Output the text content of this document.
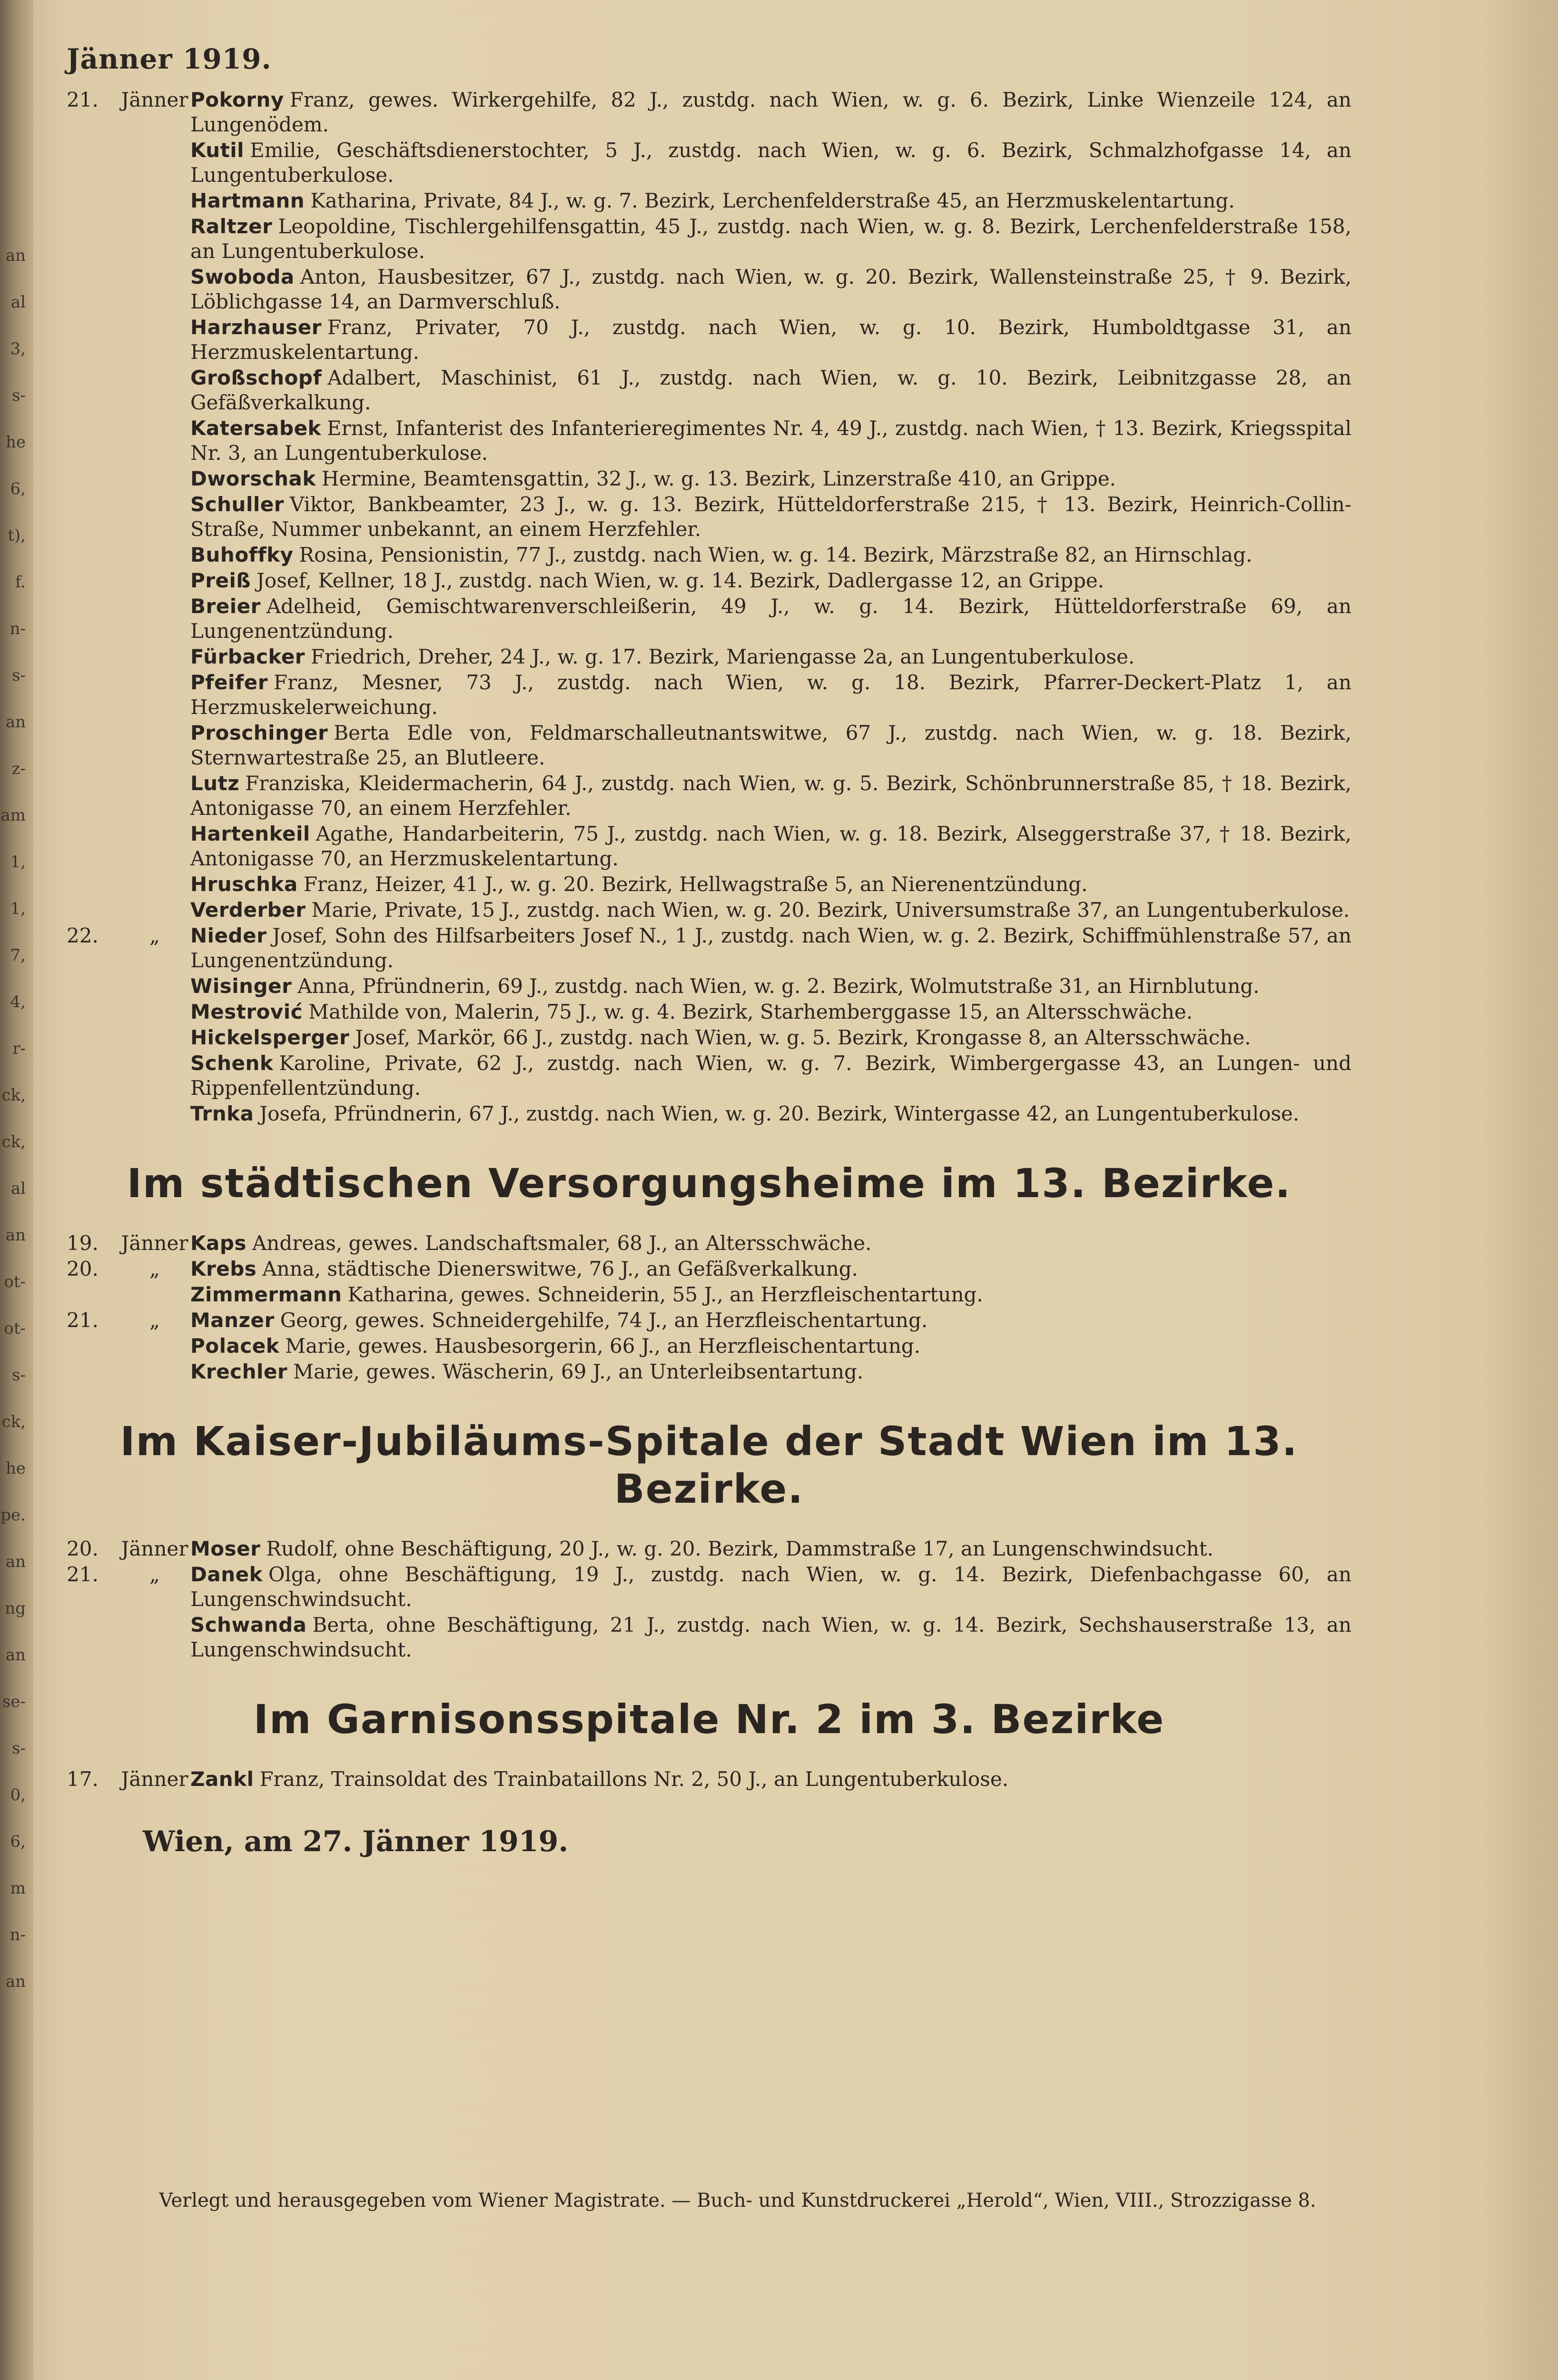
an
al
3,
s-
he
6,
t),
f.
n-
s-
an
z-
am
1,
1,
7,
4,
r-
ck,
ck,
al
an
ot-
ot-
s-
ck,
he
pe.
an
ng
an
se-
s-
0,
6,
m
n-
an
Jänner 1919.
21.	Jänner Pokorny Franz, gewes. Wirkergehilfe, 82 J., zustdg. nach Wien, w. g. 6. Bezirk, Linke Wienzeile 124, an Lungenödem.
Kutil Emilie, Geschäftsdienerstochter, 5 J., zustdg. nach Wien, w. g. 6. Bezirk, Schmalzhofgasse 14, an Lungentuberkulose.
Hartmann Katharina, Private, 84 J., w. g. 7. Bezirk, Lerchenfelderstraße 45, an Herzmuskelentartung.
Raltzer Leopoldine, Tischlergehilfensgattin, 45 J., zustdg. nach Wien, w. g. 8. Bezirk, Lerchenfelderstraße 158, an Lungentuberkulose.
Swoboda Anton, Hausbesitzer, 67 J., zustdg. nach Wien, w. g. 20. Bezirk, Wallensteinstraße 25, † 9. Bezirk, Löblichgasse 14, an Darmverschluß.
Harzhauser Franz, Privater, 70 J., zustdg. nach Wien, w. g. 10. Bezirk, Humboldtgasse 31, an Herzmuskelentartung.
Großschopf Adalbert, Maschinist, 61 J., zustdg. nach Wien, w. g. 10. Bezirk, Leibnitzgasse 28, an Gefäßverkalkung.
Katersabek Ernst, Infanterist des Infanterieregimentes Nr. 4, 49 J., zustdg. nach Wien, † 13. Bezirk, Kriegsspital Nr. 3, an Lungentuberkulose.
Dworschak Hermine, Beamtensgattin, 32 J., w. g. 13. Bezirk, Linzerstraße 410, an Grippe.
Schuller Viktor, Bankbeamter, 23 J., w. g. 13. Bezirk, Hütteldorferstraße 215, † 13. Bezirk, Heinrich-Collin-Straße, Nummer unbekannt, an einem Herzfehler.
Buhoffky Rosina, Pensionistin, 77 J., zustdg. nach Wien, w. g. 14. Bezirk, Märzstraße 82, an Hirnschlag.
Preiß Josef, Kellner, 18 J., zustdg. nach Wien, w. g. 14. Bezirk, Dadlergasse 12, an Grippe.
Breier Adelheid, Gemischtwarenverschleißerin, 49 J., w. g. 14. Bezirk, Hütteldorferstraße 69, an Lungenentzündung.
Fürbacker Friedrich, Dreher, 24 J., w. g. 17. Bezirk, Mariengasse 2a, an Lungentuberkulose.
Pfeifer Franz, Mesner, 73 J., zustdg. nach Wien, w. g. 18. Bezirk, Pfarrer-Deckert-Platz 1, an Herzmuskelerweichung.
Proschinger Berta Edle von, Feldmarschalleutnantswitwe, 67 J., zustdg. nach Wien, w. g. 18. Bezirk, Sternwartestraße 25, an Blutleere.
Lutz Franziska, Kleidermacherin, 64 J., zustdg. nach Wien, w. g. 5. Bezirk, Schönbrunnerstraße 85, † 18. Bezirk, Antonigasse 70, an einem Herzfehler.
Hartenkeil Agathe, Handarbeiterin, 75 J., zustdg. nach Wien, w. g. 18. Bezirk, Alseggerstraße 37, † 18. Bezirk, Antonigasse 70, an Herzmuskelentartung.
Hruschka Franz, Heizer, 41 J., w. g. 20. Bezirk, Hellwagstraße 5, an Nierenentzündung.
Verderber Marie, Private, 15 J., zustdg. nach Wien, w. g. 20. Bezirk, Universumstraße 37, an Lungentuberkulose.
22.	„	Nieder Josef, Sohn des Hilfsarbeiters Josef N., 1 J., zustdg. nach Wien, w. g. 2. Bezirk, Schiffmühlenstraße 57, an Lungenentzündung.
Wisinger Anna, Pfründnerin, 69 J., zustdg. nach Wien, w. g. 2. Bezirk, Wolmutstraße 31, an Hirnblutung.
Mestrović Mathilde von, Malerin, 75 J., w. g. 4. Bezirk, Starhemberggasse 15, an Altersschwäche.
Hickelsperger Josef, Markör, 66 J., zustdg. nach Wien, w. g. 5. Bezirk, Krongasse 8, an Altersschwäche.
Schenk Karoline, Private, 62 J., zustdg. nach Wien, w. g. 7. Bezirk, Wimbergergasse 43, an Lungen- und Rippenfellentzündung.
Trnka Josefa, Pfründnerin, 67 J., zustdg. nach Wien, w. g. 20. Bezirk, Wintergasse 42, an Lungentuberkulose.
Im städtischen Versorgungsheime im 13. Bezirke.
19.	Jänner Kaps Andreas, gewes. Landschaftsmaler, 68 J., an Altersschwäche.
20.	„	Krebs Anna, städtische Dienerswitwe, 76 J., an Gefäßverkalkung.
Zimmermann Katharina, gewes. Schneiderin, 55 J., an Herzfleischentartung.
21.	„	Manzer Georg, gewes. Schneidergehilfe, 74 J., an Herzfleischentartung.
Polacek Marie, gewes. Hausbesorgerin, 66 J., an Herzfleischentartung.
Krechler Marie, gewes. Wäscherin, 69 J., an Unterleibsentartung.
Im Kaiser-Jubiläums-Spitale der Stadt Wien im 13. Bezirke.
20.	Jänner Moser Rudolf, ohne Beschäftigung, 20 J., w. g. 20. Bezirk, Dammstraße 17, an Lungenschwindsucht.
21.	„	Danek Olga, ohne Beschäftigung, 19 J., zustdg. nach Wien, w. g. 14. Bezirk, Diefenbachgasse 60, an Lungenschwindsucht.
Schwanda Berta, ohne Beschäftigung, 21 J., zustdg. nach Wien, w. g. 14. Bezirk, Sechshauserstraße 13, an Lungenschwindsucht.
Im Garnisonsspitale Nr. 2 im 3. Bezirke
17.	Jänner Zankl Franz, Trainsoldat des Trainbataillons Nr. 2, 50 J., an Lungentuberkulose.
Wien, am 27. Jänner 1919.
Verlegt und herausgegeben vom Wiener Magistrate. — Buch- und Kunstdruckerei „Herold“, Wien, VIII., Strozzigasse 8.
